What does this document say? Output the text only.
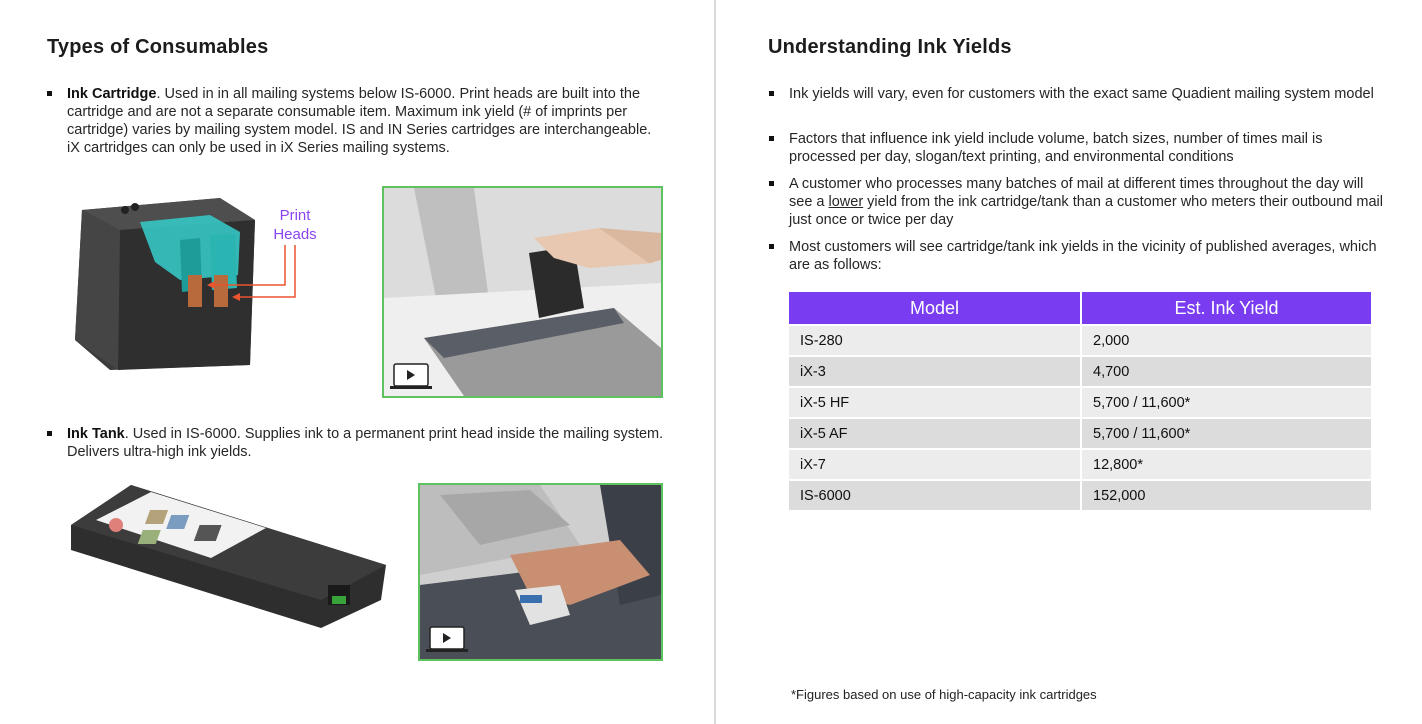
Types of Consumables
Ink Cartridge. Used in in all mailing systems below IS-6000. Print heads are built into the cartridge and are not a separate consumable item. Maximum ink yield (# of imprints per cartridge) varies by mailing system model. IS and IN Series cartridges are interchangeable. iX cartridges can only be used in iX Series mailing systems.
Print
Heads
Ink Tank. Used in IS-6000. Supplies ink to a permanent print head inside the mailing system. Delivers ultra-high ink yields.
Understanding Ink Yields
Ink yields will vary, even for customers with the exact same Quadient mailing system model
Factors that influence ink yield include volume, batch sizes, number of times mail is processed per day, slogan/text printing, and environmental conditions
A customer who processes many batches of mail at different times throughout the day will see a lower yield from the ink cartridge/tank than a customer who meters their outbound mail just once or twice per day
Most customers will see cartridge/tank ink yields in the vicinity of published averages, which are as follows:
Model	Est. Ink Yield
IS-280	2,000
iX-3	4,700
iX-5 HF	5,700 / 11,600*
iX-5 AF	5,700 / 11,600*
iX-7	12,800*
IS-6000	152,000
*Figures based on use of high-capacity ink cartridges
